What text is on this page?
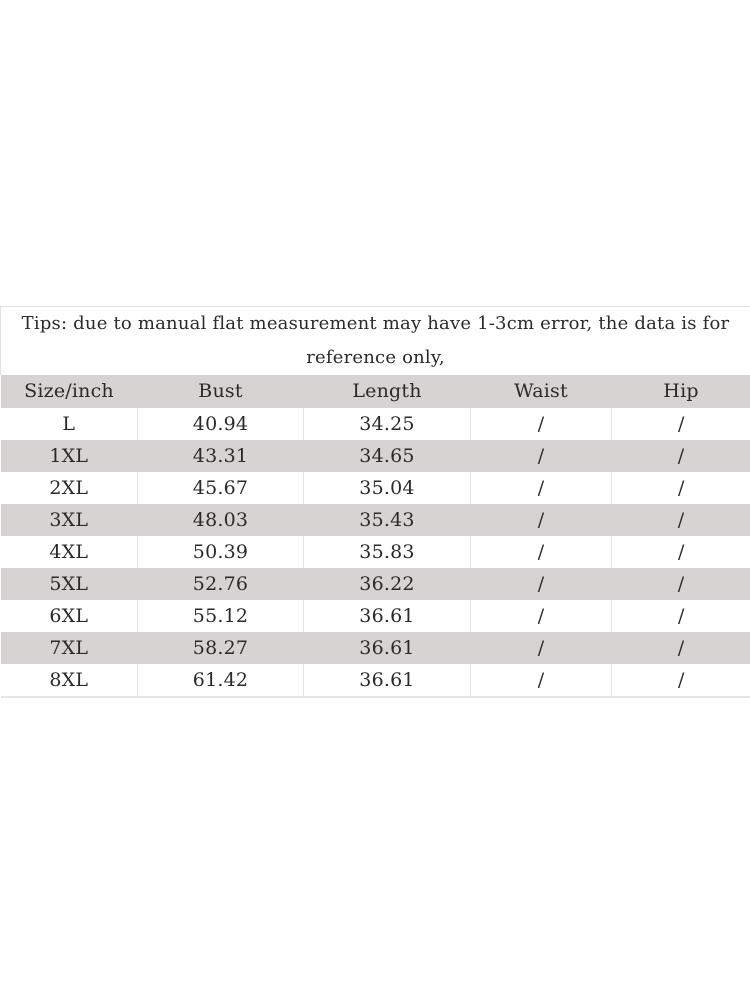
Tips: due to manual flat measurement may have 1-3cm error, the data is for reference only,				
Size/inch	Bust	Length	Waist	Hip
L	40.94	34.25	/	/
1XL	43.31	34.65	/	/
2XL	45.67	35.04	/	/
3XL	48.03	35.43	/	/
4XL	50.39	35.83	/	/
5XL	52.76	36.22	/	/
6XL	55.12	36.61	/	/
7XL	58.27	36.61	/	/
8XL	61.42	36.61	/	/
